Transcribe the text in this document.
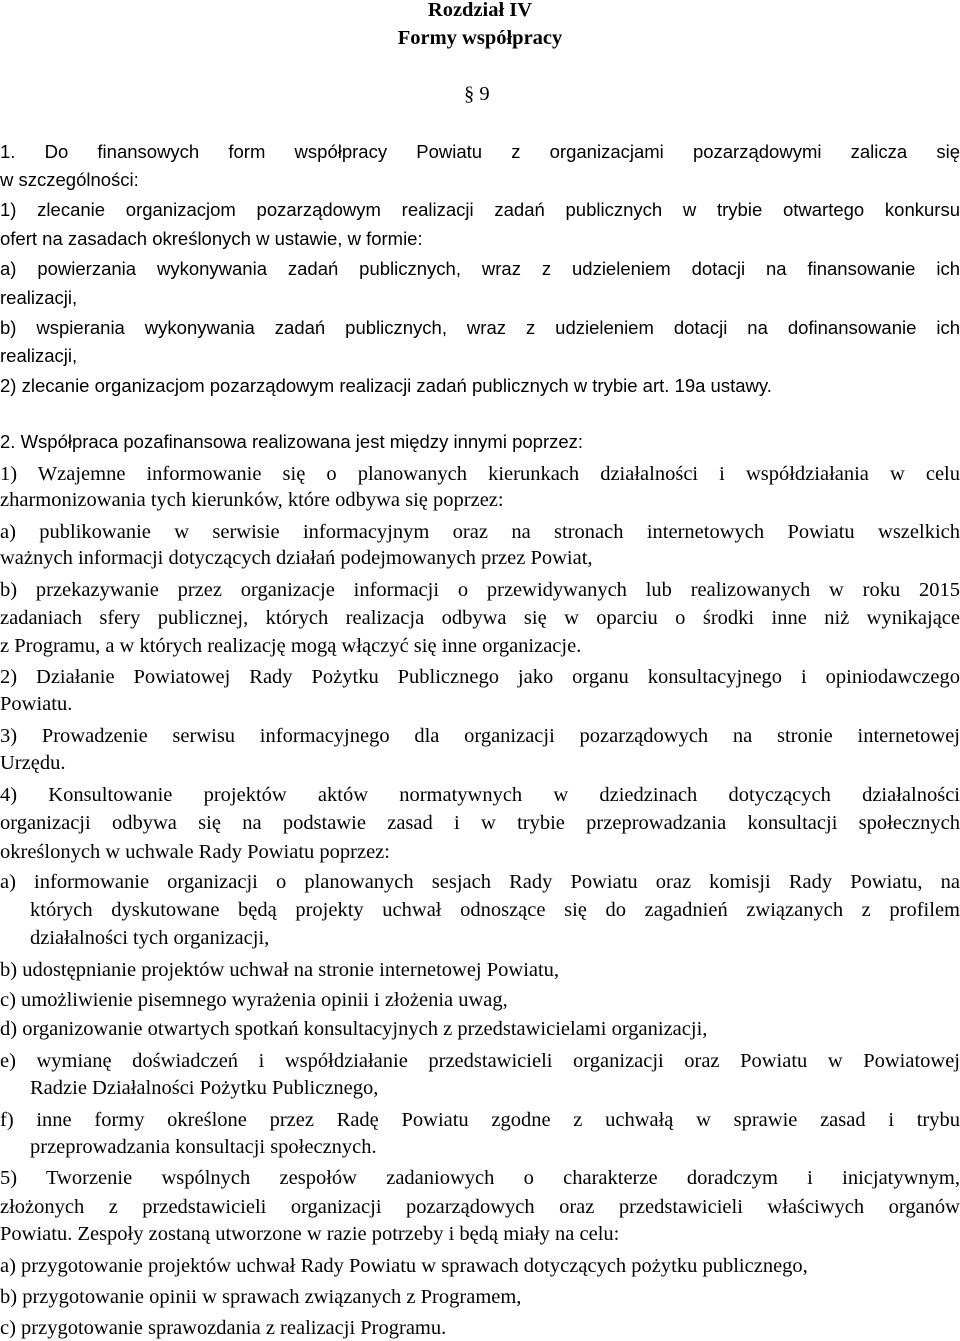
Rozdział IV
Formy współpracy
§ 9
1. Do finansowych form współpracy Powiatu z organizacjami pozarządowymi zalicza się
w szczególności:
1) zlecanie organizacjom pozarządowym realizacji zadań publicznych w trybie otwartego konkursu
ofert na zasadach określonych w ustawie, w formie:
a) powierzania wykonywania zadań publicznych, wraz z udzieleniem dotacji na finansowanie ich
realizacji,
b) wspierania wykonywania zadań publicznych, wraz z udzieleniem dotacji na dofinansowanie ich
realizacji,
2) zlecanie organizacjom pozarządowym realizacji zadań publicznych w trybie art. 19a ustawy.
2. Współpraca pozafinansowa realizowana jest między innymi poprzez:
1) Wzajemne informowanie się o planowanych kierunkach działalności i współdziałania w celu
zharmonizowania tych kierunków, które odbywa się poprzez:
a) publikowanie w serwisie informacyjnym oraz na stronach internetowych Powiatu wszelkich
ważnych informacji dotyczących działań podejmowanych przez Powiat,
b) przekazywanie przez organizacje informacji o przewidywanych lub realizowanych w roku 2015
zadaniach sfery publicznej, których realizacja odbywa się w oparciu o środki inne niż wynikające
z Programu, a w których realizację mogą włączyć się inne organizacje.
2) Działanie Powiatowej Rady Pożytku Publicznego jako organu konsultacyjnego i opiniodawczego
Powiatu.
3) Prowadzenie serwisu informacyjnego dla organizacji pozarządowych na stronie internetowej
Urzędu.
4) Konsultowanie projektów aktów normatywnych w dziedzinach dotyczących działalności
organizacji odbywa się na podstawie zasad i w trybie przeprowadzania konsultacji społecznych
określonych w uchwale Rady Powiatu poprzez:
a) informowanie organizacji o planowanych sesjach Rady Powiatu oraz komisji Rady Powiatu, na
których dyskutowane będą projekty uchwał odnoszące się do zagadnień związanych z profilem
działalności tych organizacji,
b) udostępnianie projektów uchwał na stronie internetowej Powiatu,
c) umożliwienie pisemnego wyrażenia opinii i złożenia uwag,
d) organizowanie otwartych spotkań konsultacyjnych z przedstawicielami organizacji,
e) wymianę doświadczeń i współdziałanie przedstawicieli organizacji oraz Powiatu w Powiatowej
Radzie Działalności Pożytku Publicznego,
f) inne formy określone przez Radę Powiatu zgodne z uchwałą w sprawie zasad i trybu
przeprowadzania konsultacji społecznych.
5) Tworzenie wspólnych zespołów zadaniowych o charakterze doradczym i inicjatywnym,
złożonych z przedstawicieli organizacji pozarządowych oraz przedstawicieli właściwych organów
Powiatu. Zespoły zostaną utworzone w razie potrzeby i będą miały na celu:
a) przygotowanie projektów uchwał Rady Powiatu w sprawach dotyczących pożytku publicznego,
b) przygotowanie opinii w sprawach związanych z Programem,
c) przygotowanie sprawozdania z realizacji Programu.
